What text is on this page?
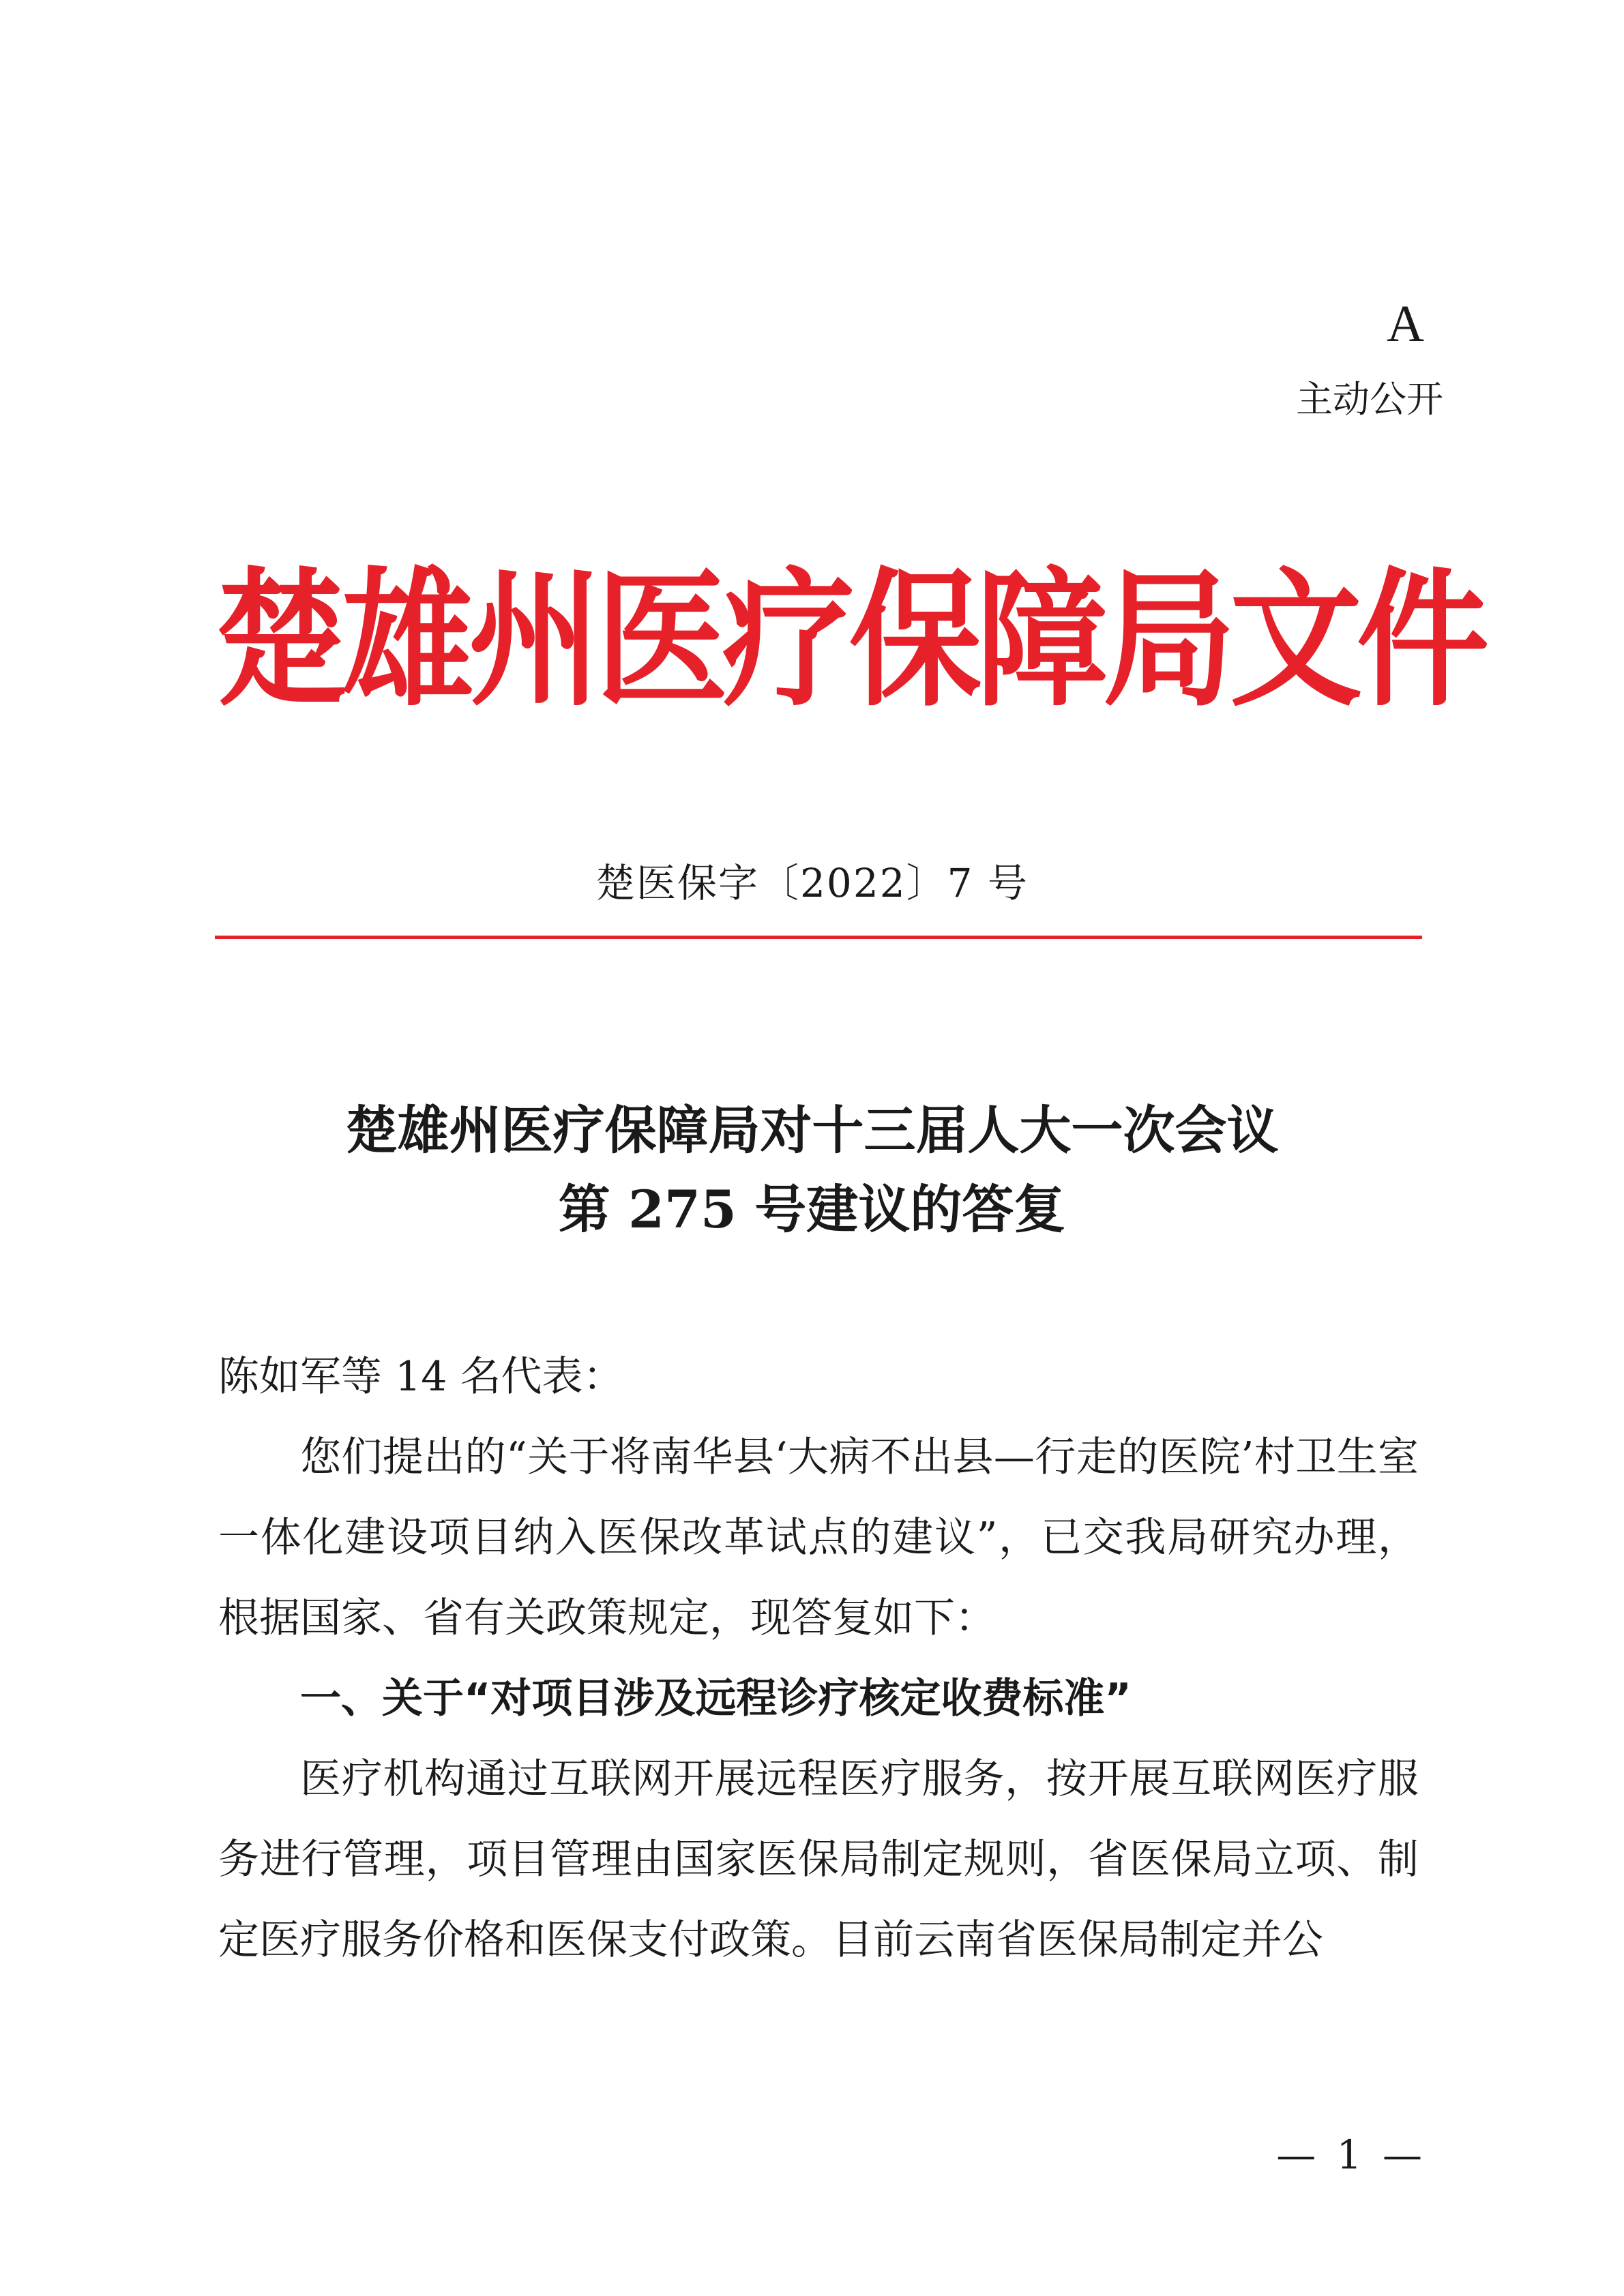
A
主动公开
楚雄州医疗保障局文件
楚医保字〔2022〕7 号
楚雄州医疗保障局对十三届人大一次会议
第 275 号建议的答复

陈如军等 14 名代表：

您们提出的“关于将南华县‘大病不出县—行走的医院’村卫生室一体化建设项目纳入医保改革试点的建议”，已交我局研究办理，根据国家、省有关政策规定，现答复如下：

一、关于“对项目涉及远程诊疗核定收费标准”

医疗机构通过互联网开展远程医疗服务，按开展互联网医疗服务进行管理，项目管理由国家医保局制定规则，省医保局立项、制定医疗服务价格和医保支付政策。目前云南省医保局制定并公

— 1 —
